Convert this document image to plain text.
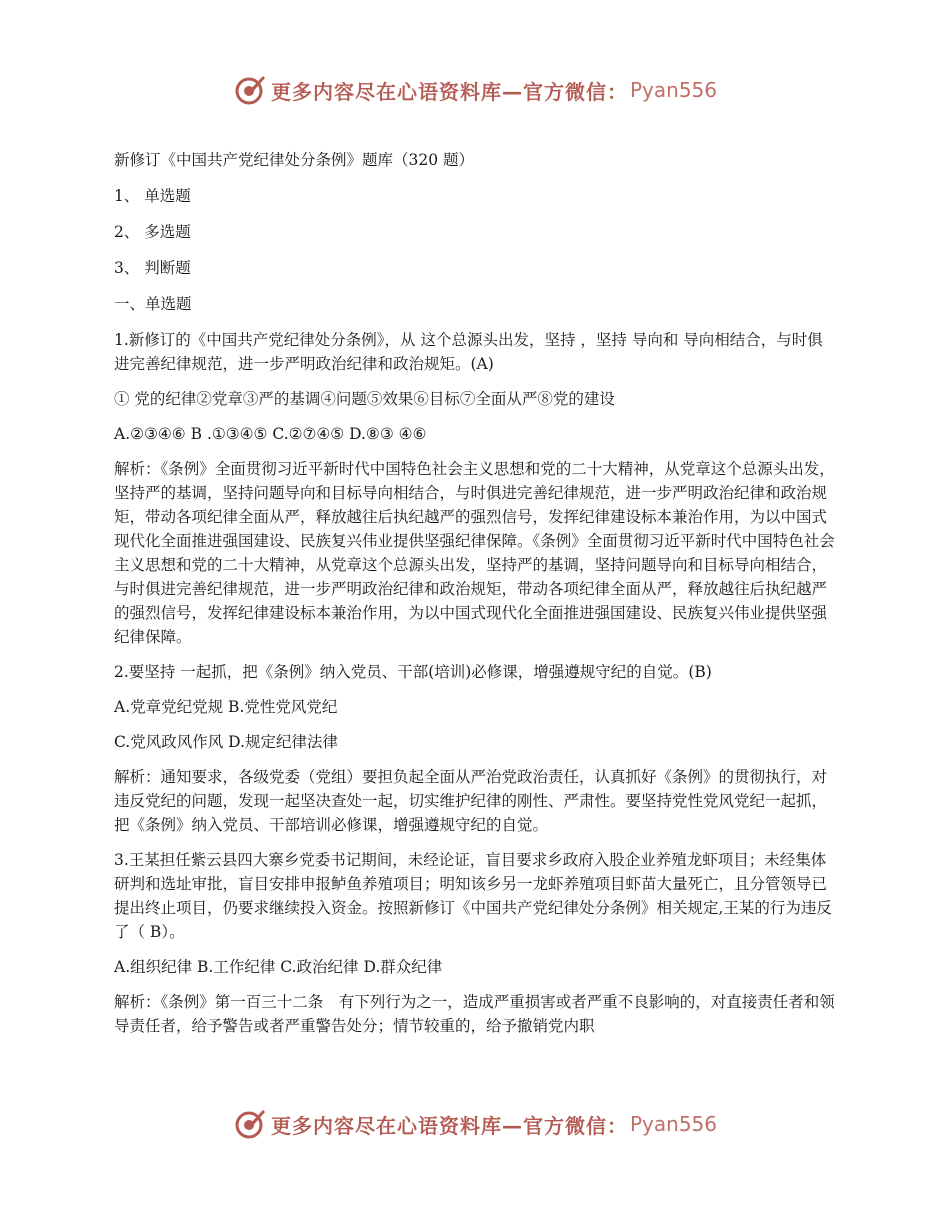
更多内容尽在心语资料库—官方微信： Pyan556

新修订《中国共产党纪律处分条例》题库（320 题）

1、 单选题

2、 多选题

3、 判断题

一、单选题

1.新修订的《中国共产党纪律处分条例》，从 这个总源头出发，坚持 ，坚持 导向和 导向相结合，与时俱进完善纪律规范，进一步严明政治纪律和政治规矩。(A)

① 党的纪律②党章③严的基调④问题⑤效果⑥目标⑦全面从严⑧党的建设

A.②③④⑥ B .①③④⑤ C.②⑦④⑤ D.⑧③ ④⑥

解析：《条例》全面贯彻习近平新时代中国特色社会主义思想和党的二十大精神，从党章这个总源头出发，坚持严的基调，坚持问题导向和目标导向相结合，与时俱进完善纪律规范，进一步严明政治纪律和政治规矩，带动各项纪律全面从严，释放越往后执纪越严的强烈信号，发挥纪律建设标本兼治作用，为以中国式现代化全面推进强国建设、民族复兴伟业提供坚强纪律保障。《条例》全面贯彻习近平新时代中国特色社会主义思想和党的二十大精神，从党章这个总源头出发，坚持严的基调，坚持问题导向和目标导向相结合，与时俱进完善纪律规范，进一步严明政治纪律和政治规矩，带动各项纪律全面从严，释放越往后执纪越严的强烈信号，发挥纪律建设标本兼治作用，为以中国式现代化全面推进强国建设、民族复兴伟业提供坚强纪律保障。

2.要坚持 一起抓，把《条例》纳入党员、干部(培训)必修课，增强遵规守纪的自觉。(B)

A.党章党纪党规 B.党性党风党纪

C.党风政风作风 D.规定纪律法律

解析：通知要求，各级党委（党组）要担负起全面从严治党政治责任，认真抓好《条例》的贯彻执行，对违反党纪的问题，发现一起坚决查处一起，切实维护纪律的刚性、严肃性。要坚持党性党风党纪一起抓，把《条例》纳入党员、干部培训必修课，增强遵规守纪的自觉。

3.王某担任紫云县四大寨乡党委书记期间，未经论证，盲目要求乡政府入股企业养殖龙虾项目；未经集体研判和选址审批，盲目安排申报鲈鱼养殖项目；明知该乡另一龙虾养殖项目虾苗大量死亡，且分管领导已提出终止项目，仍要求继续投入资金。按照新修订《中国共产党纪律处分条例》相关规定,王某的行为违反了（ B）。

A.组织纪律 B.工作纪律 C.政治纪律 D.群众纪律

解析：《条例》第一百三十二条　有下列行为之一，造成严重损害或者严重不良影响的，对直接责任者和领导责任者，给予警告或者严重警告处分；情节较重的，给予撤销党内职

更多内容尽在心语资料库—官方微信： Pyan556
